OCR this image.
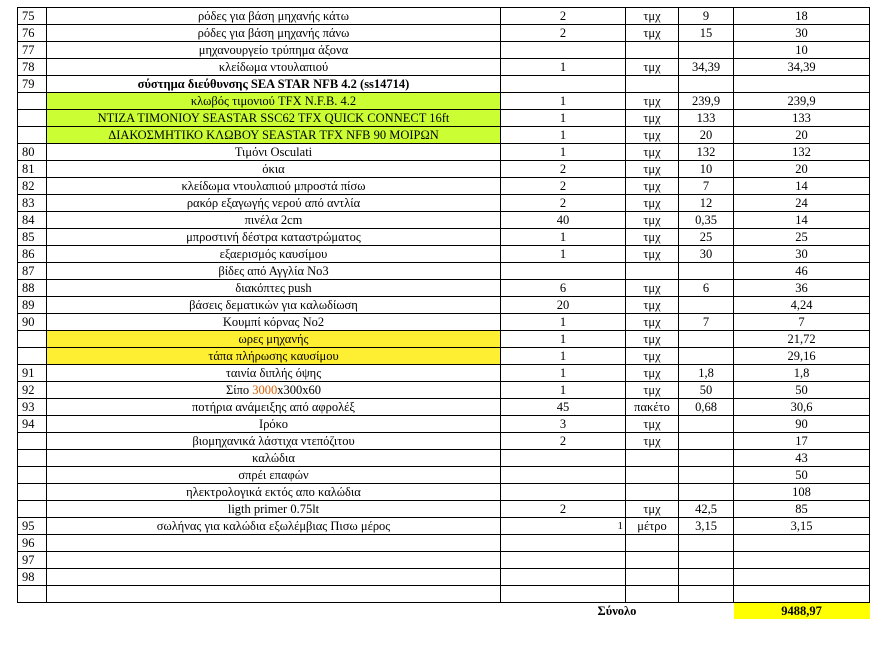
75	ρόδες για βάση μηχανής κάτω	2	τμχ	9	18
76	ρόδες για βάση μηχανής πάνω	2	τμχ	15	30
77	μηχανουργείο τρύπημα άξονα				10
78	κλείδωμα ντουλαπιού	1	τμχ	34,39	34,39
79	σύστημα διεύθυνσης SEA STAR NFB 4.2 (ss14714)				
	κλωβός τιμονιού TFX N.F.B. 4.2	1	τμχ	239,9	239,9
	ΝΤΙΖΑ ΤΙΜΟΝΙΟΥ SEASTAR SSC62 TFX QUICK CONNECT 16ft	1	τμχ	133	133
	ΔΙΑΚΟΣΜΗΤΙΚΟ ΚΛΩΒΟΥ SEASTAR TFX NFB 90 ΜΟΙΡΩΝ	1	τμχ	20	20
80	Τιμόνι Osculati	1	τμχ	132	132
81	όκια	2	τμχ	10	20
82	κλείδωμα ντουλαπιού μπροστά πίσω	2	τμχ	7	14
83	ρακόρ εξαγωγής νερού από αντλία	2	τμχ	12	24
84	πινέλα 2cm	40	τμχ	0,35	14
85	μπροστινή δέστρα καταστρώματος	1	τμχ	25	25
86	εξαερισμός καυσίμου	1	τμχ	30	30
87	βίδες από Αγγλία Νο3				46
88	διακόπτες push	6	τμχ	6	36
89	βάσεις δεματικών για καλωδίωση	20	τμχ		4,24
90	Κουμπί κόρνας Νο2	1	τμχ	7	7
	ωρες μηχανής	1	τμχ		21,72
	τάπα πλήρωσης καυσίμου	1	τμχ		29,16
91	ταινία διπλής όψης	1	τμχ	1,8	1,8
92	Σίπο 3000x300x60	1	τμχ	50	50
93	ποτήρια ανάμειξης από αφρολέξ	45	πακέτο	0,68	30,6
94	Ιρόκο	3	τμχ		90
	βιομηχανικά λάστιχα ντεπόζιτου	2	τμχ		17
	καλώδια				43
	σπρέι επαφών				50
	ηλεκτρολογικά εκτός απο καλώδια				108
	ligth primer 0.75lt	2	τμχ	42,5	85
95	σωλήνας για καλώδια εξωλέμβιας Πισω μέρος	1	μέτρο	3,15	3,15
96					
97					
98					

		Σύνολο			9488,97
